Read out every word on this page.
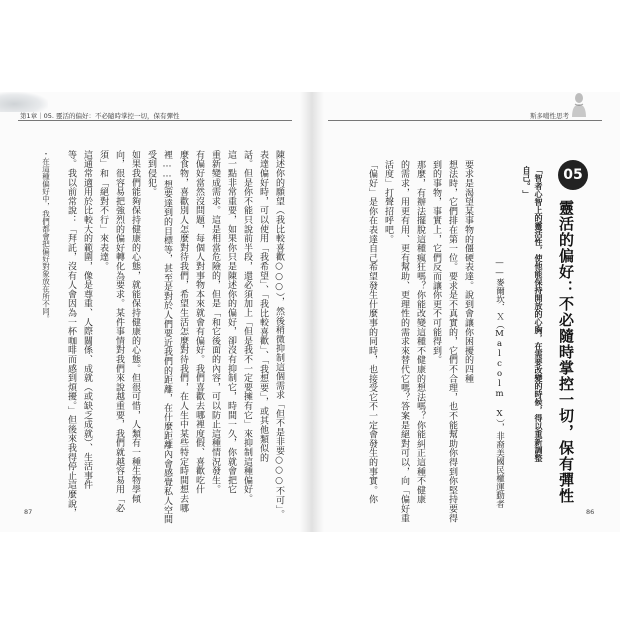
第1章｜05. 靈活的偏好：不必隨時掌控一切，保有彈性	斯多噶性思考
05
靈活的偏好：不必隨時掌控一切，保有彈性
「智者心智上的靈活性，使他能保持開放的心胸，在需要改變的時候，得以重新調整
自己。」
——麥爾坎．Ｘ（Malcolm X），非裔美國民權運動者
要求是渴望某事物的僵硬表達。說到會讓你困擾的四種
想法時，它們排在第一位。要求是不真實的，它們不合理，也不能幫助你得到你堅持要得
到的事物，事實上，它們反而讓你更不可能得到。
那麼，有辦法擺脫這種瘋狂嗎？你能改變這種不健康的想法嗎？你能糾正這種不健康
的需求，用更有用、更有幫助、更理性的需求來替代它嗎？答案是絕對可以，向「偏好重
活度」打聲招呼吧。
「偏好」是你在表達自己希望發生什麼事的同時，也接受它不一定會發生的事實。你
陳述你的願望（我比較喜歡○○○），然後稍微抑制這個需求「但不是非要○○○不可」。
表達偏好時，可以使用「我希望」、「我比較喜歡」、「我想要」，或其他類似的
話。但是你不能只說前半段，還必須加上「但是我不一定要擁有它」來抑制這種偏好。
這一點非常重要，如果你只是陳述你的偏好，卻沒有抑制它，時間一久，你就會把它
重新變成需求。這是相當危險的，但是「和它後面的內容，可以防止這種情況發生。
有偏好當然沒問題，每個人對事物本來就會有偏好。我們喜歡去哪裡度假、喜歡吃什
麼食物，喜歡別人怎麼對待我們，希望生活怎麼對待我們，在人生中某些特定時間想去哪
裡……想要達到的目標等，甚至是對於人們要近我們的距離，在什麼距離內會感覺私人空間
受到侵犯。
如果我們能夠保持健康的心態，就能保持健康的心態。但很可惜，人類有一種生物學傾
向，很容易把強烈的偏好轉化為要求。某件事情對我們來說越重要，我們就越容易用「必
須」和「絕對不行」來表達。
這通常適用於比較大的範圍，像是尊重、人際關係、成就（或缺乏成就）、生活事件
等。我以前常說：「拜託，沒有人會因為一杯咖啡而感到煩擾。」但後來我得停止這麼說，
・在這種偏好中，我們都會把偏好對象放在所不同。
87	86
